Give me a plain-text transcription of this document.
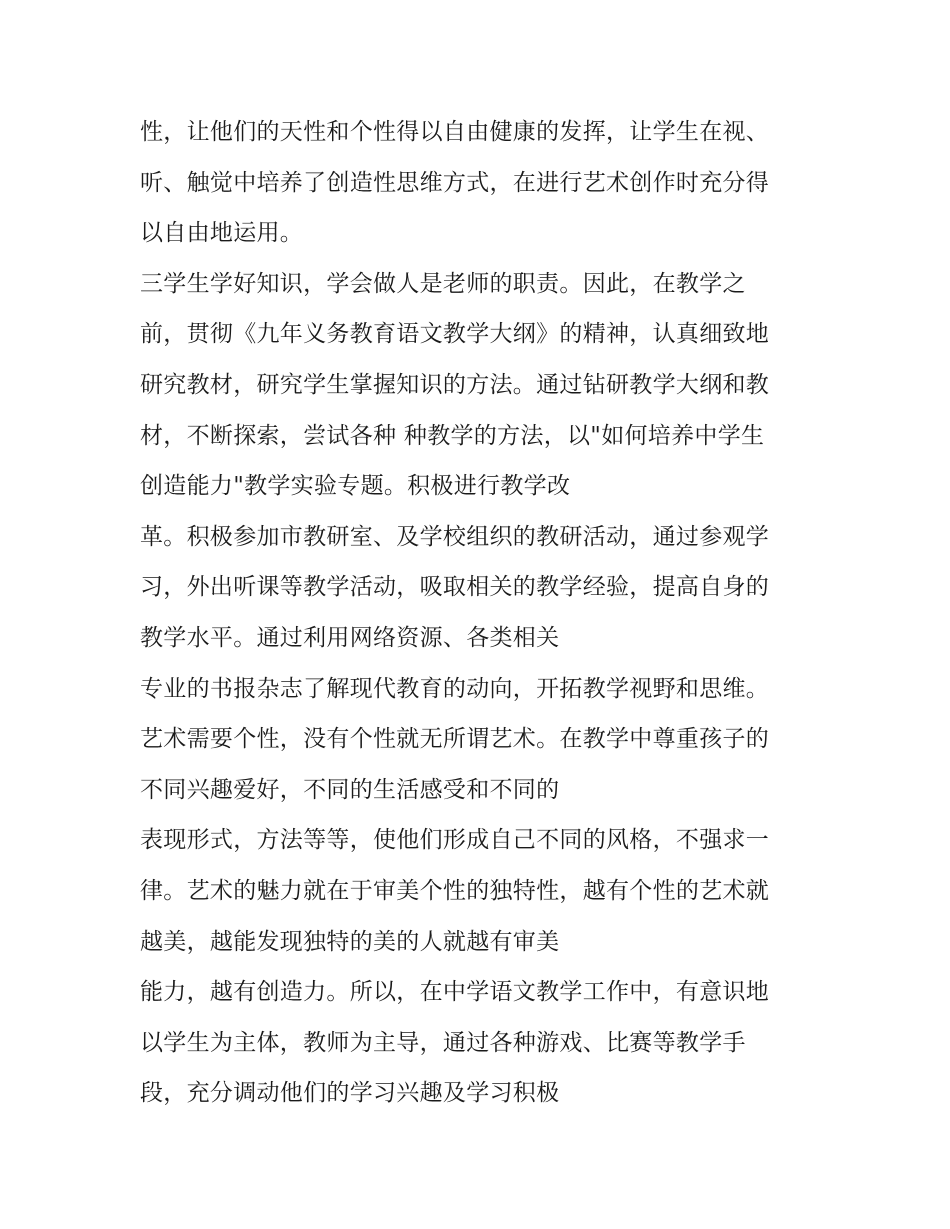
性，让他们的天性和个性得以自由健康的发挥，让学生在视、
听、触觉中培养了创造性思维方式，在进行艺术创作时充分得
以自由地运用。
三学生学好知识，学会做人是老师的职责。因此，在教学之
前，贯彻《九年义务教育语文教学大纲》的精神，认真细致地
研究教材，研究学生掌握知识的方法。通过钻研教学大纲和教
材，不断探索，尝试各种 种教学的方法，以"如何培养中学生
创造能力"教学实验专题。积极进行教学改
革。积极参加市教研室、及学校组织的教研活动，通过参观学
习，外出听课等教学活动，吸取相关的教学经验，提高自身的
教学水平。通过利用网络资源、各类相关
专业的书报杂志了解现代教育的动向，开拓教学视野和思维。
艺术需要个性，没有个性就无所谓艺术。在教学中尊重孩子的
不同兴趣爱好，不同的生活感受和不同的
表现形式，方法等等，使他们形成自己不同的风格，不强求一
律。艺术的魅力就在于审美个性的独特性，越有个性的艺术就
越美，越能发现独特的美的人就越有审美
能力，越有创造力。所以，在中学语文教学工作中，有意识地
以学生为主体，教师为主导，通过各种游戏、比赛等教学手
段，充分调动他们的学习兴趣及学习积极
